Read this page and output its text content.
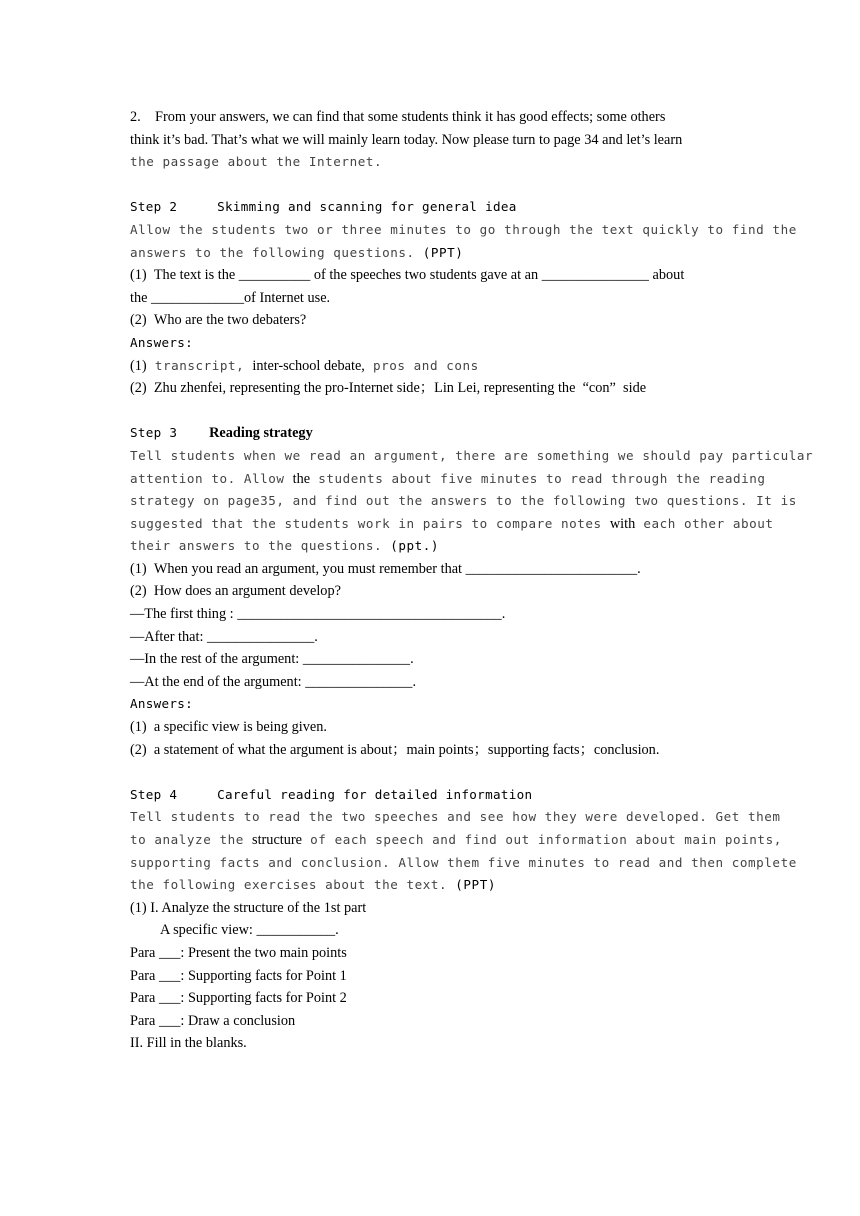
2.    From your answers, we can find that some students think it has good effects; some others
think it’s bad. That’s what we will mainly learn today. Now please turn to page 34 and let’s learn
the passage about the Internet.
Step 2	Skimming and scanning for general idea
Allow the students two or three minutes to go through the text quickly to find the
answers to the following questions. (PPT)
(1)  The text is the __________ of the speeches two students gave at an _______________ about
the _____________of Internet use.
(2)  Who are the two debaters?
Answers:
(1) transcript, inter-school debate, pros and cons
(2)  Zhu zhenfei, representing the pro-Internet side；Lin Lei, representing the  “con”  side
Step 3 Reading strategy
Tell students when we read an argument, there are something we should pay particular
attention to. Allow the students about five minutes to read through the reading
strategy on page35, and find out the answers to the following two questions. It is
suggested that the students work in pairs to compare notes with each other about
their answers to the questions. (ppt.)
(1)  When you read an argument, you must remember that ________________________.
(2)  How does an argument develop?
—The first thing : _____________________________________.
—After that: _______________.
—In the rest of the argument: _______________.
—At the end of the argument: _______________.
Answers:
(1)  a specific view is being given.
(2)  a statement of what the argument is about；main points；supporting facts；conclusion.
Step 4	Careful reading for detailed information
Tell students to read the two speeches and see how they were developed. Get them
to analyze the structure of each speech and find out information about main points,
supporting facts and conclusion. Allow them five minutes to read and then complete
the following exercises about the text. (PPT)
(1) I. Analyze the structure of the 1st part
A specific view: ___________.
Para ___: Present the two main points
Para ___: Supporting facts for Point 1
Para ___: Supporting facts for Point 2
Para ___: Draw a conclusion
II. Fill in the blanks.
